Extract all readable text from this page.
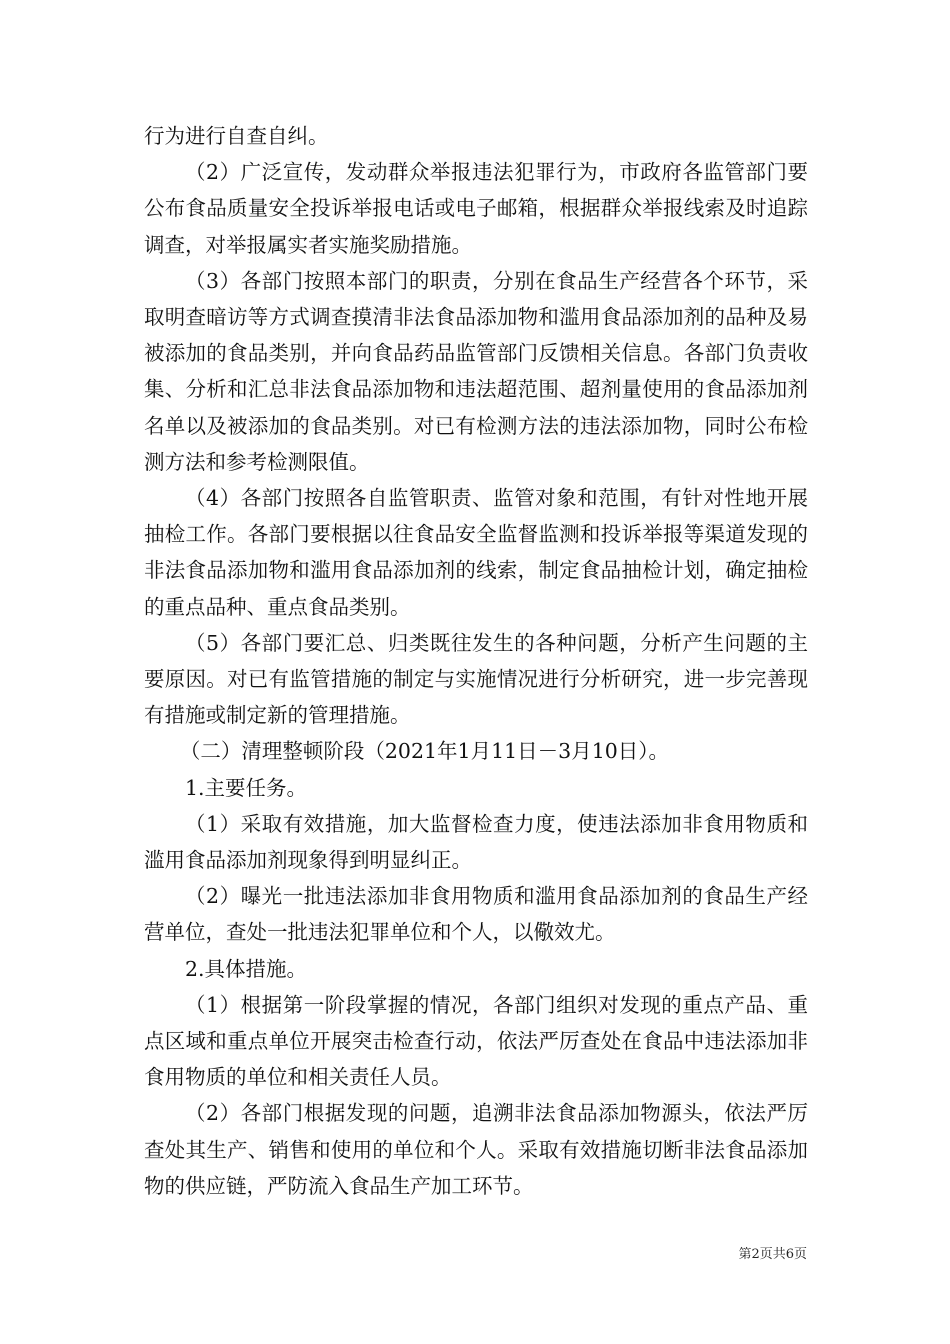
行为进行自查自纠。

（2）广泛宣传，发动群众举报违法犯罪行为，市政府各监管部门要公布食品质量安全投诉举报电话或电子邮箱，根据群众举报线索及时追踪调查，对举报属实者实施奖励措施。

（3）各部门按照本部门的职责，分别在食品生产经营各个环节，采取明查暗访等方式调查摸清非法食品添加物和滥用食品添加剂的品种及易被添加的食品类别，并向食品药品监管部门反馈相关信息。各部门负责收集、分析和汇总非法食品添加物和违法超范围、超剂量使用的食品添加剂名单以及被添加的食品类别。对已有检测方法的违法添加物，同时公布检测方法和参考检测限值。

（4）各部门按照各自监管职责、监管对象和范围，有针对性地开展抽检工作。各部门要根据以往食品安全监督监测和投诉举报等渠道发现的非法食品添加物和滥用食品添加剂的线索，制定食品抽检计划，确定抽检的重点品种、重点食品类别。

（5）各部门要汇总、归类既往发生的各种问题，分析产生问题的主要原因。对已有监管措施的制定与实施情况进行分析研究，进一步完善现有措施或制定新的管理措施。

（二）清理整顿阶段（2021年1月11日－3月10日）。

1.主要任务。

（1）采取有效措施，加大监督检查力度，使违法添加非食用物质和滥用食品添加剂现象得到明显纠正。

（2）曝光一批违法添加非食用物质和滥用食品添加剂的食品生产经营单位，查处一批违法犯罪单位和个人，以儆效尤。

2.具体措施。

（1）根据第一阶段掌握的情况，各部门组织对发现的重点产品、重点区域和重点单位开展突击检查行动，依法严厉查处在食品中违法添加非食用物质的单位和相关责任人员。

（2）各部门根据发现的问题，追溯非法食品添加物源头，依法严厉查处其生产、销售和使用的单位和个人。采取有效措施切断非法食品添加物的供应链，严防流入食品生产加工环节。

第2页共6页
